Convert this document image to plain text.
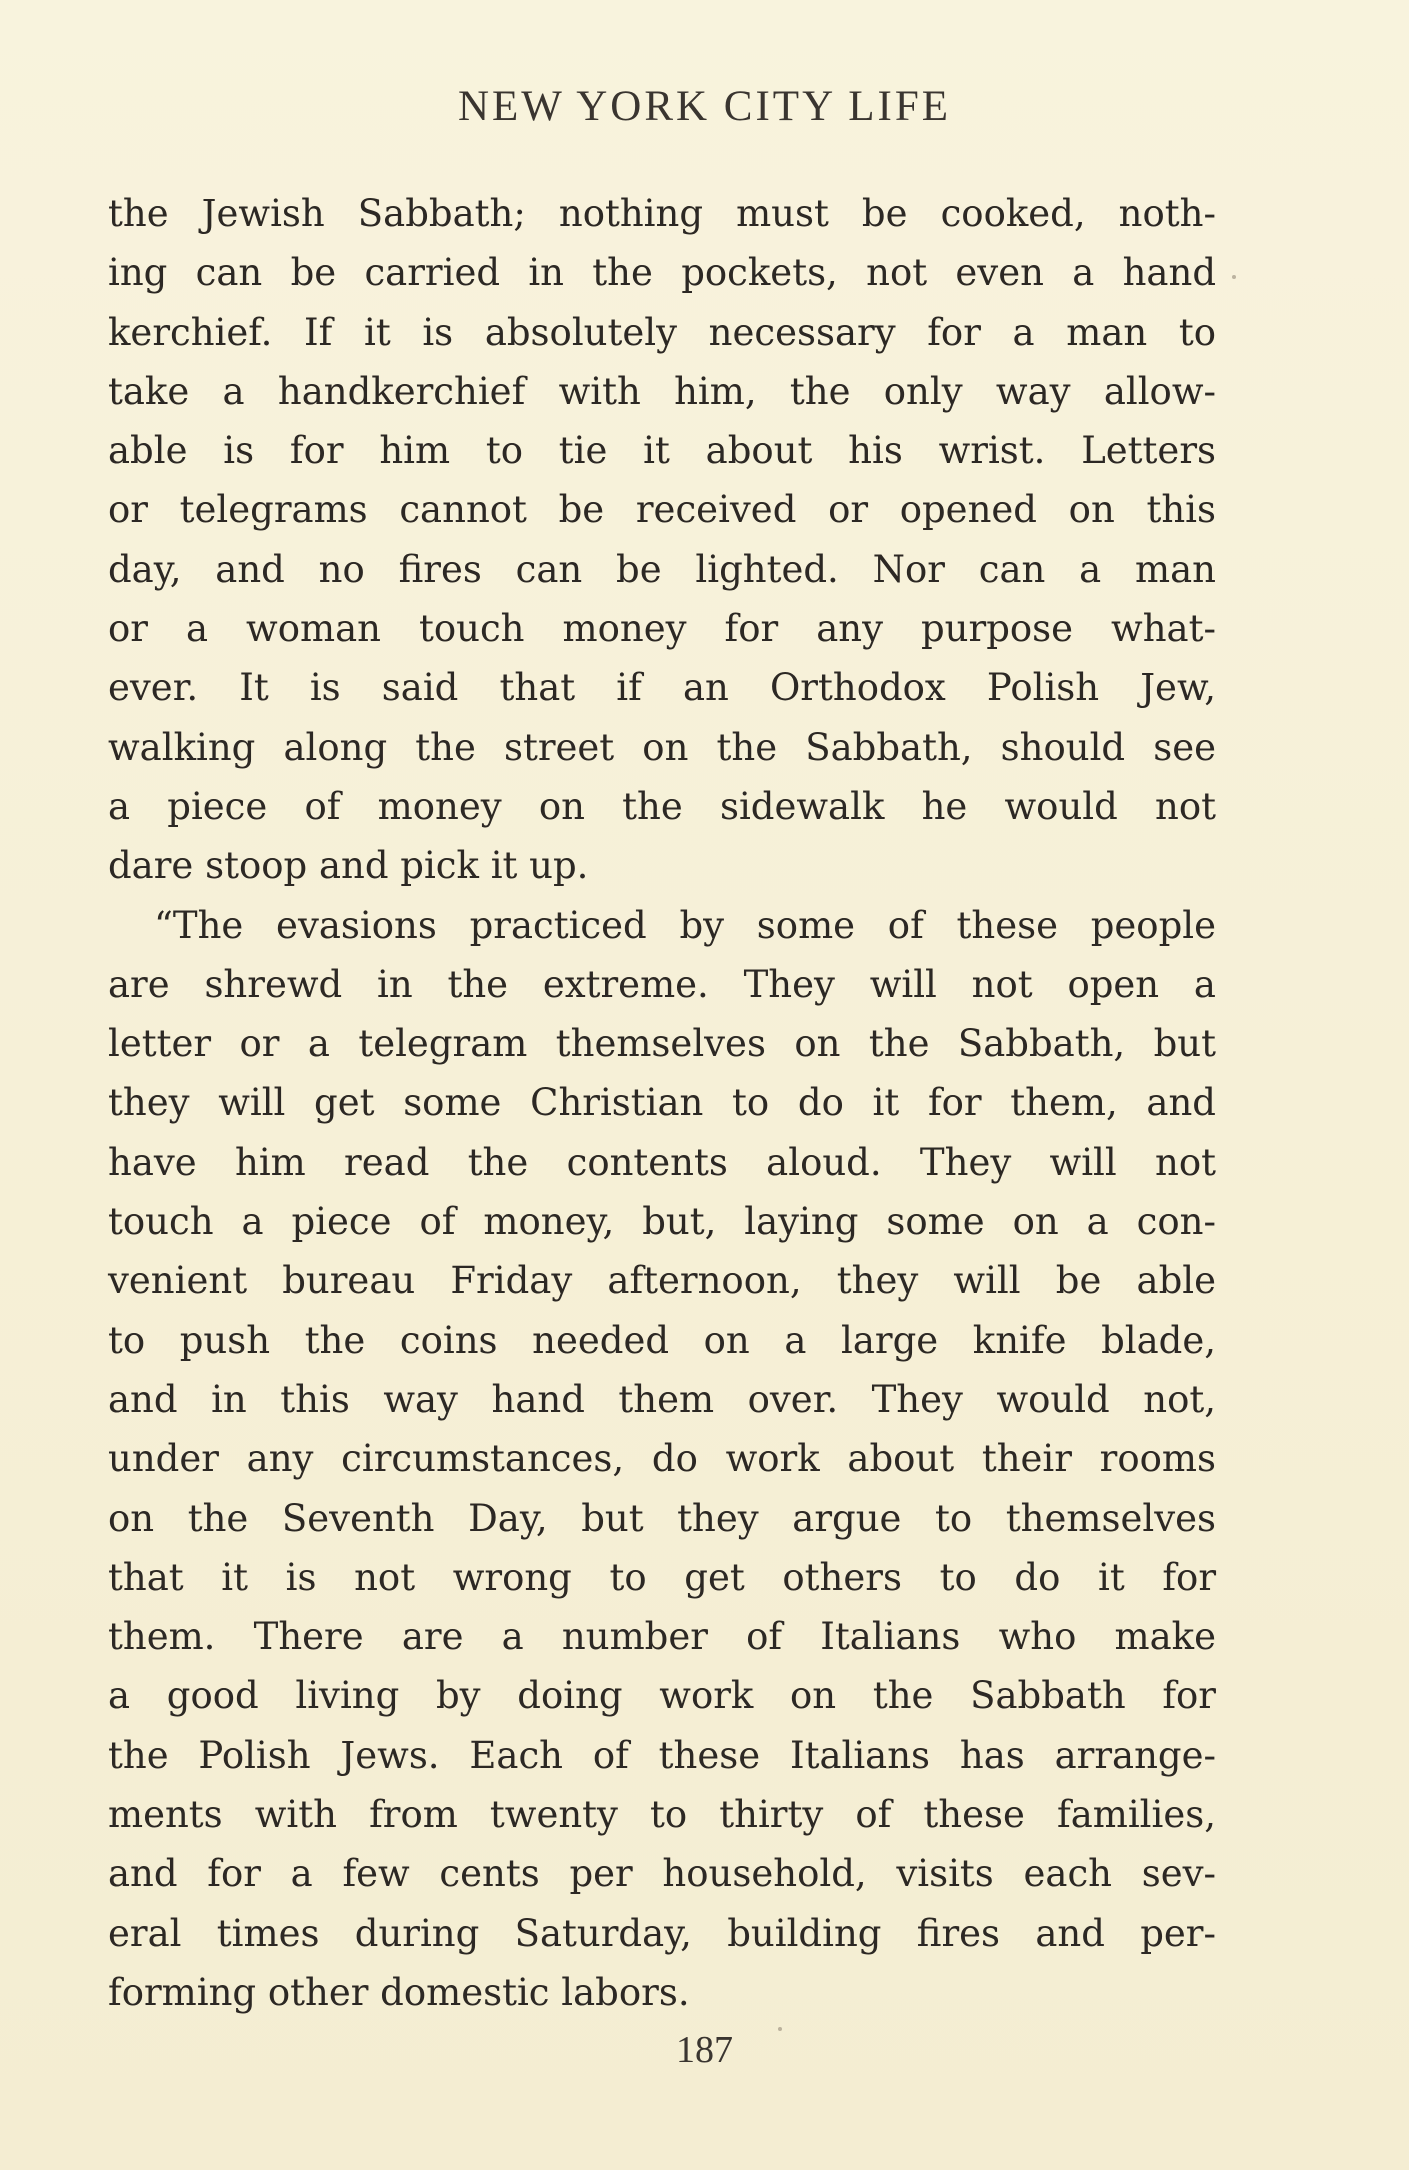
NEW YORK CITY LIFE
the Jewish Sabbath; nothing must be cooked, noth-
ing can be carried in the pockets, not even a hand
kerchief. If it is absolutely necessary for a man to
take a handkerchief with him, the only way allow-
able is for him to tie it about his wrist. Letters
or telegrams cannot be received or opened on this
day, and no fires can be lighted. Nor can a man
or a woman touch money for any purpose what-
ever. It is said that if an Orthodox Polish Jew,
walking along the street on the Sabbath, should see
a piece of money on the sidewalk he would not
dare stoop and pick it up.
“The evasions practiced by some of these people
are shrewd in the extreme. They will not open a
letter or a telegram themselves on the Sabbath, but
they will get some Christian to do it for them, and
have him read the contents aloud. They will not
touch a piece of money, but, laying some on a con-
venient bureau Friday afternoon, they will be able
to push the coins needed on a large knife blade,
and in this way hand them over. They would not,
under any circumstances, do work about their rooms
on the Seventh Day, but they argue to themselves
that it is not wrong to get others to do it for
them. There are a number of Italians who make
a good living by doing work on the Sabbath for
the Polish Jews. Each of these Italians has arrange-
ments with from twenty to thirty of these families,
and for a few cents per household, visits each sev-
eral times during Saturday, building fires and per-
forming other domestic labors.
187
